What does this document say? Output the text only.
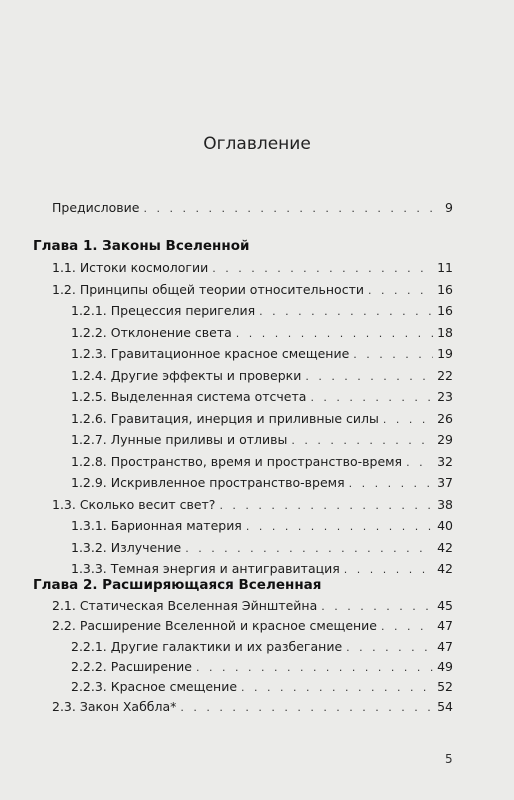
Оглавление
Предисловие . . .	9
Глава 1. Законы Вселенной
1.1. Истоки космологии . . .	11
1.2. Принципы общей теории относительности . . .	16
1.2.1. Прецессия перигелия . . .	16
1.2.2. Отклонение света . . .	18
1.2.3. Гравитационное красное смещение . . .	19
1.2.4. Другие эффекты и проверки . . .	22
1.2.5. Выделенная система отсчета . . .	23
1.2.6. Гравитация, инерция и приливные силы . . .	26
1.2.7. Лунные приливы и отливы . . .	29
1.2.8. Пространство, время и пространство-время . . .	32
1.2.9. Искривленное пространство-время . . .	37
1.3. Сколько весит свет? . . .	38
1.3.1. Барионная материя . . .	40
1.3.2. Излучение . . .	42
1.3.3. Темная энергия и антигравитация . . .	42
Глава 2. Расширяющаяся Вселенная
2.1. Статическая Вселенная Эйнштейна . . .	45
2.2. Расширение Вселенной и красное смещение . . .	47
2.2.1. Другие галактики и их разбегание . . .	47
2.2.2. Расширение . . .	49
2.2.3. Красное смещение . . .	52
2.3. Закон Хаббла* . . .	54
5
